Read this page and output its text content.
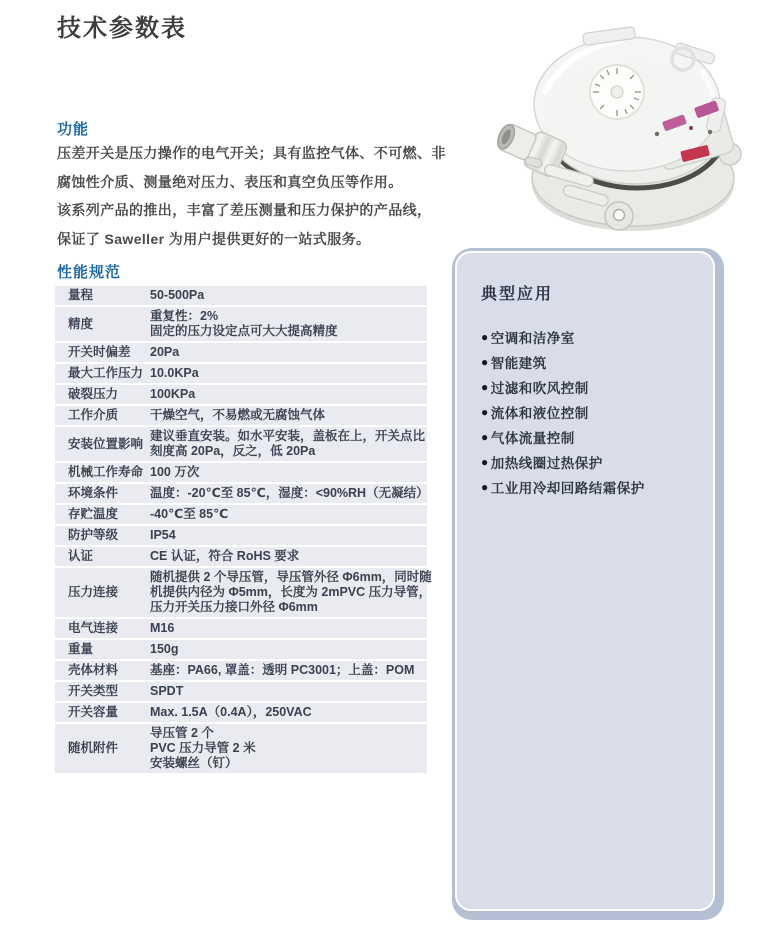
技术参数表
功能
压差开关是压力操作的电气开关；具有监控气体、不可燃、非
腐蚀性介质、测量绝对压力、表压和真空负压等作用。
该系列产品的推出，丰富了差压测量和压力保护的产品线，
保证了 Saweller 为用户提供更好的一站式服务。
性能规范
量程	50-500Pa

精度	重复性：2%
固定的压力设定点可大大提高精度

开关时偏差	20Pa

最大工作压力	10.0KPa

破裂压力	100KPa

工作介质	干燥空气，不易燃或无腐蚀气体

安装位置影响	建议垂直安装。如水平安装，盖板在上，开关点比
刻度高 20Pa，反之，低 20Pa

机械工作寿命	100 万次

环境条件	温度：-20℃至 85℃，湿度：<90%RH（无凝结）

存贮温度	-40℃至 85℃

防护等级	IP54

认证	CE 认证，符合 RoHS 要求

压力连接	随机提供 2 个导压管，导压管外径 Φ6mm，同时随
机提供内径为 Φ5mm，长度为 2mPVC 压力导管，
压力开关压力接口外径 Φ6mm

电气连接	M16

重量	150g

壳体材料	基座：PA66, 罩盖：透明 PC3001；上盖：POM

开关类型	SPDT

开关容量	Max. 1.5A（0.4A），250VAC

随机附件	导压管 2 个
PVC 压力导管 2 米
安装螺丝（钉）
典型应用
● 空调和洁净室
● 智能建筑
● 过滤和吹风控制
● 流体和液位控制
● 气体流量控制
● 加热线圈过热保护
● 工业用冷却回路结霜保护
